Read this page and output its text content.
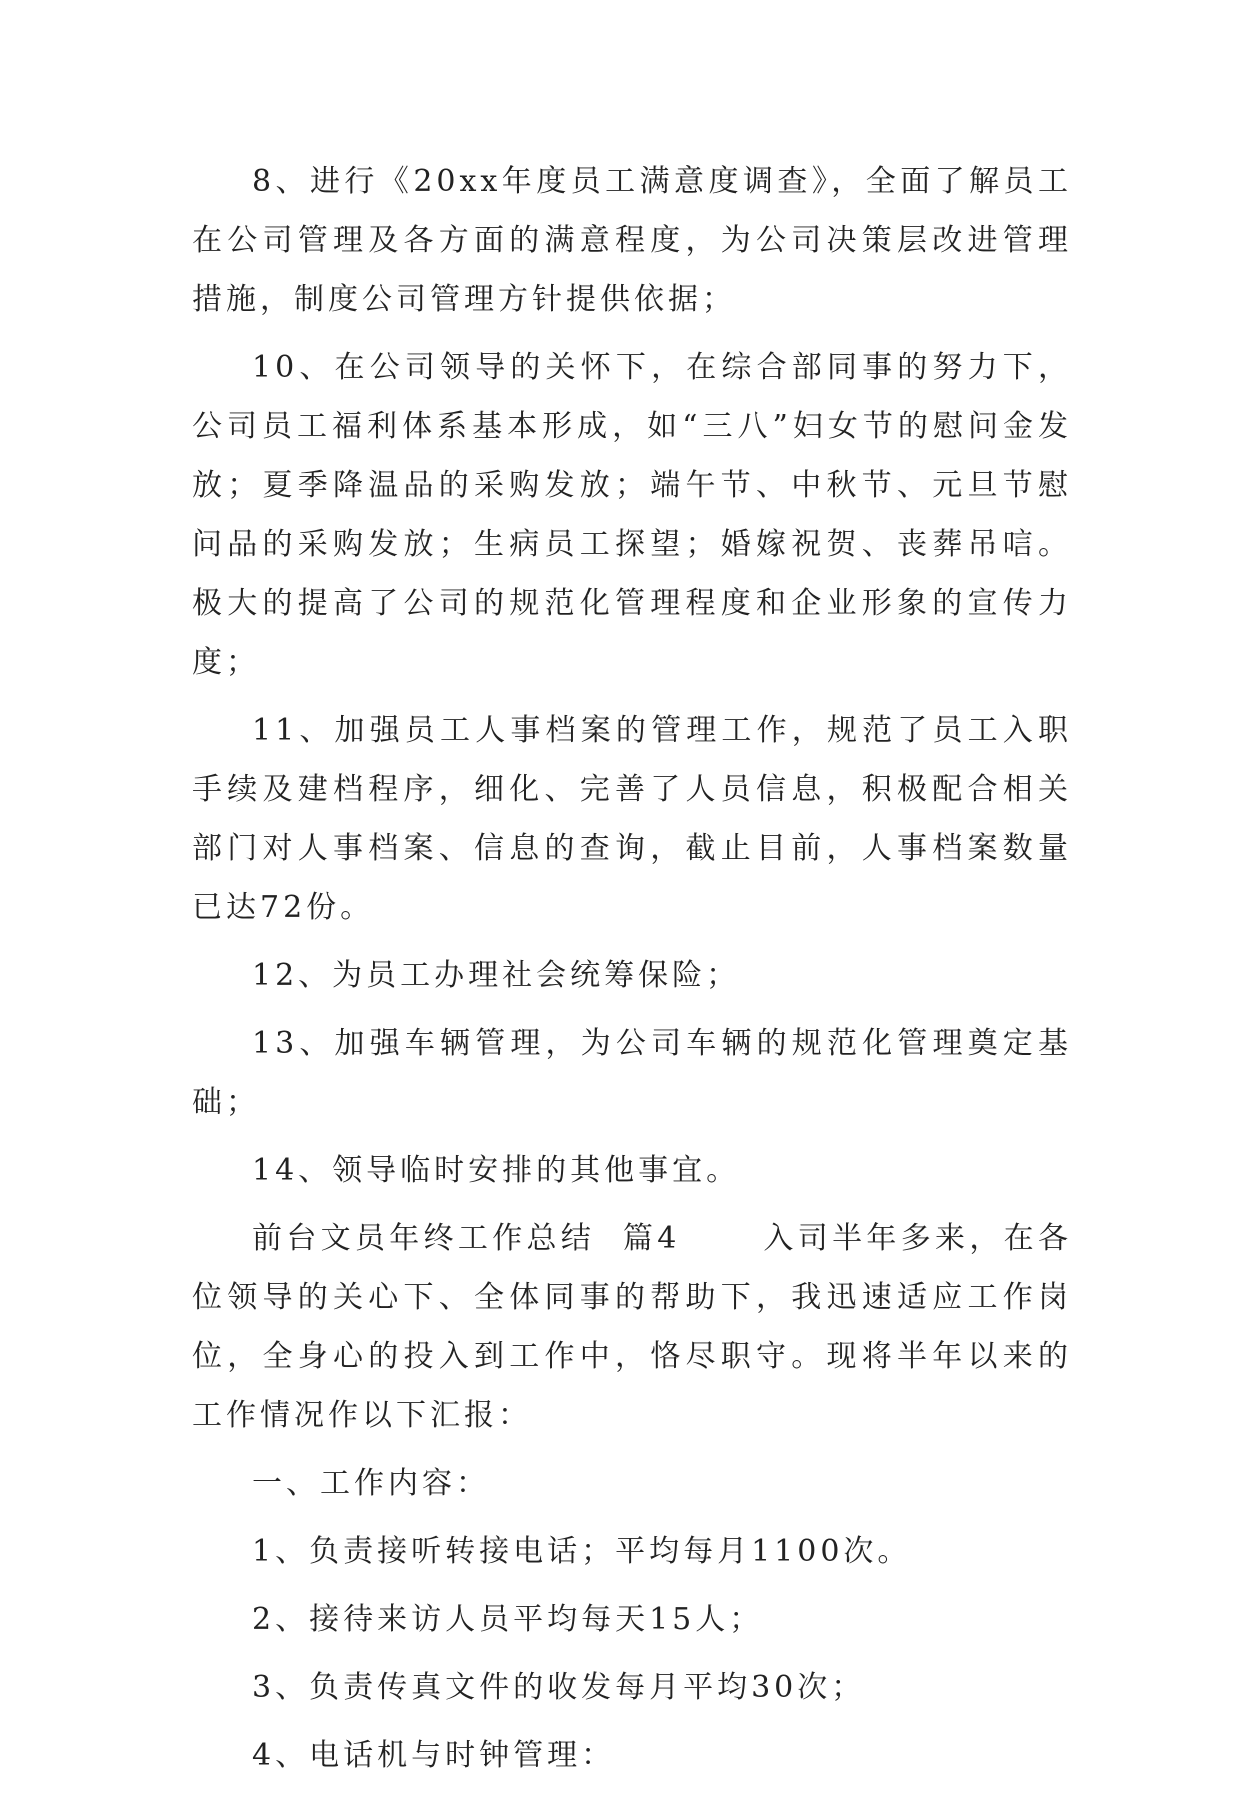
8、进行《20xx年度员工满意度调查》，全面了解员工在公司管理及各方面的满意程度，为公司决策层改进管理措施，制度公司管理方针提供依据；

10、在公司领导的关怀下，在综合部同事的努力下，公司员工福利体系基本形成，如“三八”妇女节的慰问金发放；夏季降温品的采购发放；端午节、中秋节、元旦节慰问品的采购发放；生病员工探望；婚嫁祝贺、丧葬吊唁。极大的提高了公司的规范化管理程度和企业形象的宣传力度；

11、加强员工人事档案的管理工作，规范了员工入职手续及建档程序，细化、完善了人员信息，积极配合相关部门对人事档案、信息的查询，截止目前，人事档案数量已达72份。

12、为员工办理社会统筹保险；

13、加强车辆管理，为公司车辆的规范化管理奠定基础；

14、领导临时安排的其他事宜。

前台文员年终工作总结  篇4      入司半年多来，在各位领导的关心下、全体同事的帮助下，我迅速适应工作岗位，全身心的投入到工作中，恪尽职守。现将半年以来的工作情况作以下汇报：

一、工作内容：

1、负责接听转接电话；平均每月1100次。

2、接待来访人员平均每天15人；

3、负责传真文件的收发每月平均30次；

4、电话机与时钟管理：
